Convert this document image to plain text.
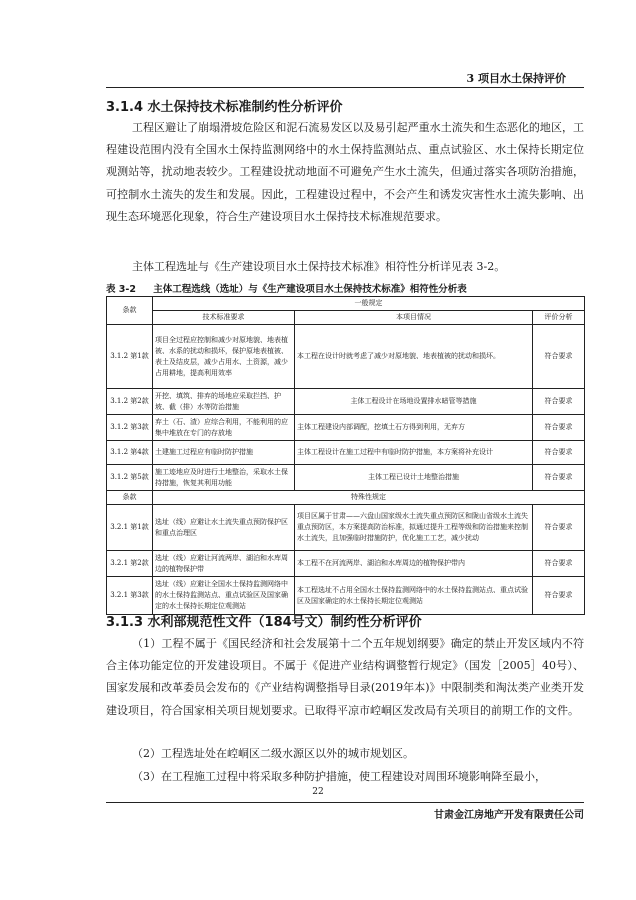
3 项目水土保持评价
3.1.4 水土保持技术标准制约性分析评价

工程区避让了崩塌滑坡危险区和泥石流易发区以及易引起严重水土流失和生态恶化的地区，工程建设范围内没有全国水土保持监测网络中的水土保持监测站点、重点试验区、水土保持长期定位观测站等，扰动地表较少。工程建设扰动地面不可避免产生水土流失，但通过落实各项防治措施，可控制水土流失的发生和发展。因此，工程建设过程中，不会产生和诱发灾害性水土流失影响、出现生态环境恶化现象，符合生产建设项目水土保持技术标准规范要求。

主体工程选址与《生产建设项目水土保持技术标准》相符性分析详见表 3-2。

表 3-2 主体工程选线（选址）与《生产建设项目水土保持技术标准》相符性分析表
条款	一般规定		
	技术标准要求	本项目情况	评价分析
3.1.2 第1款	项目全过程应控制和减少对原地貌、地表植被、水系的扰动和损坏，保护原地表植被、表土及结皮层，减少占用水、土资源，减少占用耕地，提高利用效率	本工程在设计时就考虑了减少对原地貌、地表植被的扰动和损坏。	符合要求
3.1.2 第2款	开挖、填筑、排弃的场地应采取拦挡、护坡、截（排）水等防治措施	主体工程设计在场地设置排水暗管等措施	符合要求
3.1.2 第3款	弃土（石、渣）应综合利用，不能利用的应集中堆放在专门的存放地	主体工程建设内部调配，挖填土石方得到利用，无弃方	符合要求
3.1.2 第4款	土建施工过程应有临时防护措施	主体工程设计在施工过程中有临时防护措施，本方案将补充设计	符合要求
3.1.2 第5款	施工迹地应及时进行土地整治，采取水土保持措施，恢复其利用功能	主体工程已设计土地整治措施	符合要求
条款	特殊性规定		
3.2.1 第1款	选址（线）应避让水土流失重点预防保护区和重点治理区	项目区属于甘肃——六盘山国家级水土流失重点预防区和陇山省级水土流失重点预防区，本方案提高防治标准，拟通过提升工程等级和防治措施来控制水土流失，且加强临时措施防护，优化施工工艺，减少扰动	符合要求
3.2.1 第2款	选址（线）应避让河流两岸、湖泊和水库周边的植物保护带	本工程不在河流两岸、湖泊和水库周边的植物保护带内	符合要求
3.2.1 第3款	选址（线）应避让全国水土保持监测网络中的水土保持监测站点、重点试验区及国家确定的水土保持长期定位观测站	本工程选址不占用全国水土保持监测网络中的水土保持监测站点、重点试验区及国家确定的水土保持长期定位观测站	符合要求
3.1.3 水利部规范性文件（184号文）制约性分析评价

（1）工程不属于《国民经济和社会发展第十二个五年规划纲要》确定的禁止开发区域内不符合主体功能定位的开发建设项目。不属于《促进产业结构调整暂行规定》（国发［2005］40号）、国家发展和改革委员会发布的《产业结构调整指导目录(2019年本)》中限制类和淘汰类产业类开发建设项目，符合国家相关项目规划要求。已取得平凉市崆峒区发改局有关项目的前期工作的文件。

（2）工程选址处在崆峒区二级水源区以外的城市规划区。

（3）在工程施工过程中将采取多种防护措施，使工程建设对周围环境影响降至最小，

22
甘肃金江房地产开发有限责任公司
